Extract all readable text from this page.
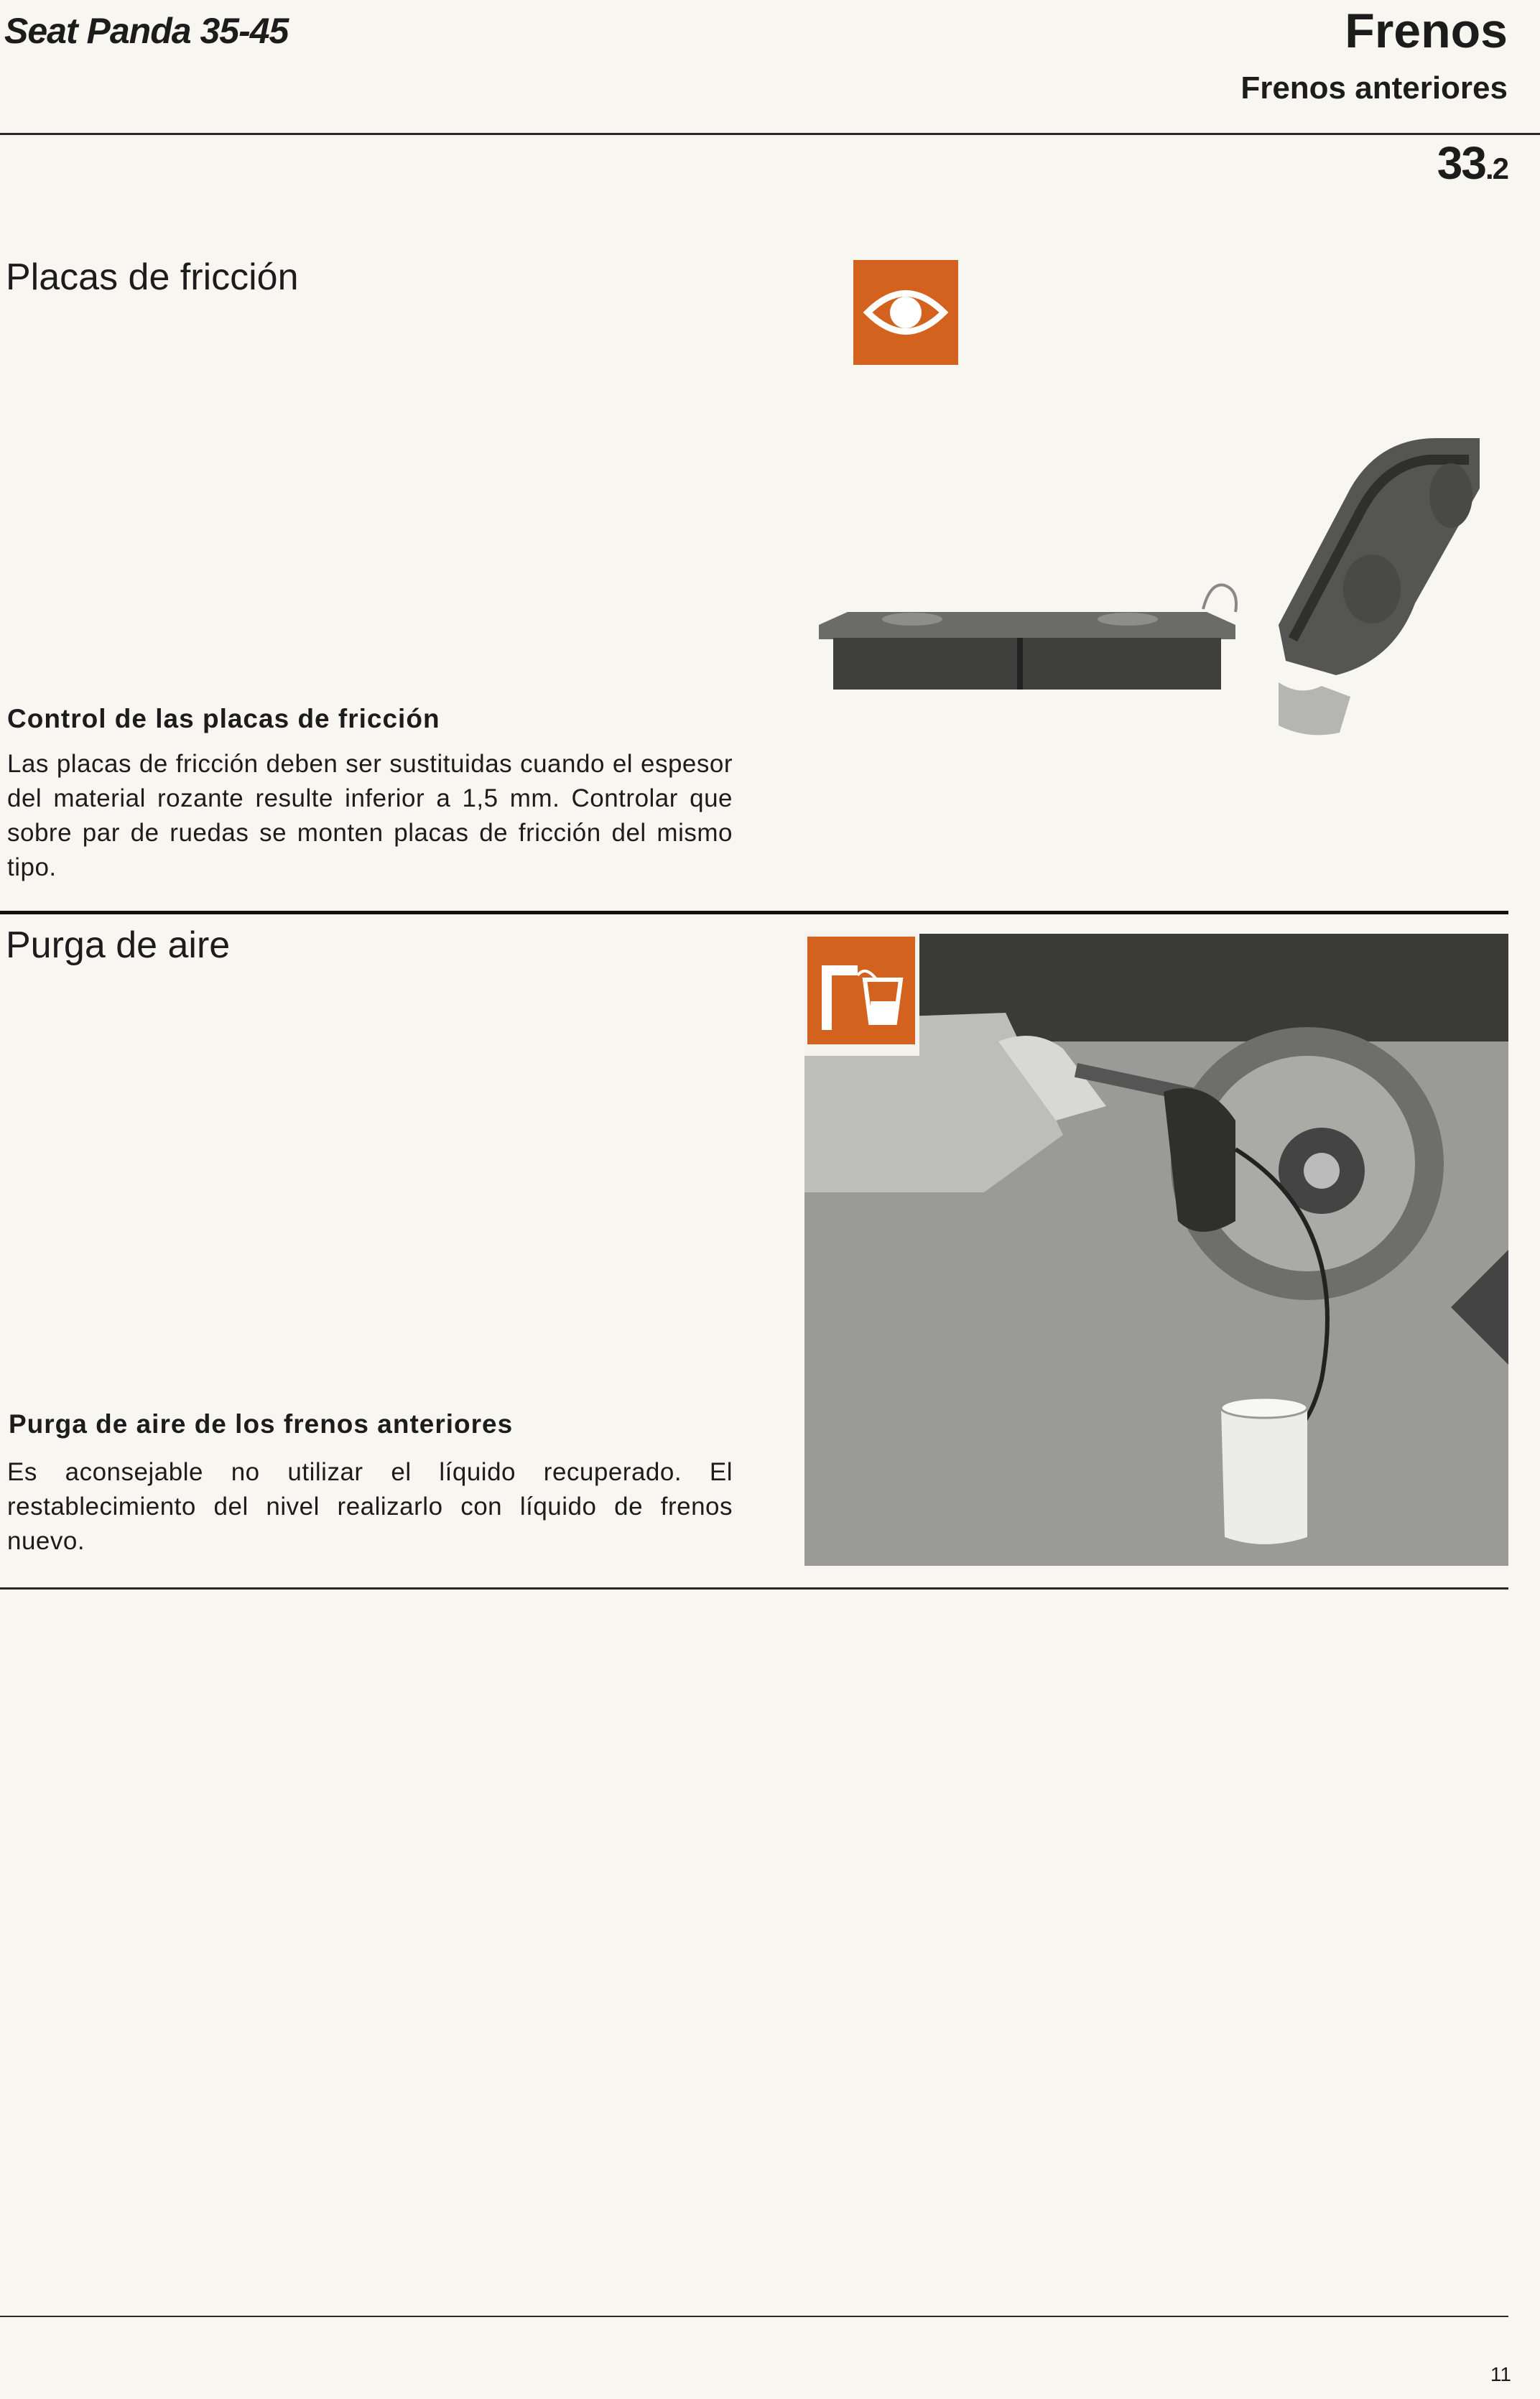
Seat Panda 35-45	Frenos
Frenos anteriores
33.2
Placas de fricción
Control de las placas de fricción
Las placas de fricción deben ser sustituidas cuando el espesor del material rozante resulte inferior a 1,5 mm. Controlar que sobre par de ruedas se monten placas de fricción del mismo tipo.
Purga de aire
Purga de aire de los frenos anteriores
Es aconsejable no utilizar el líquido recuperado. El restablecimiento del nivel realizarlo con líquido de frenos nuevo.
11
